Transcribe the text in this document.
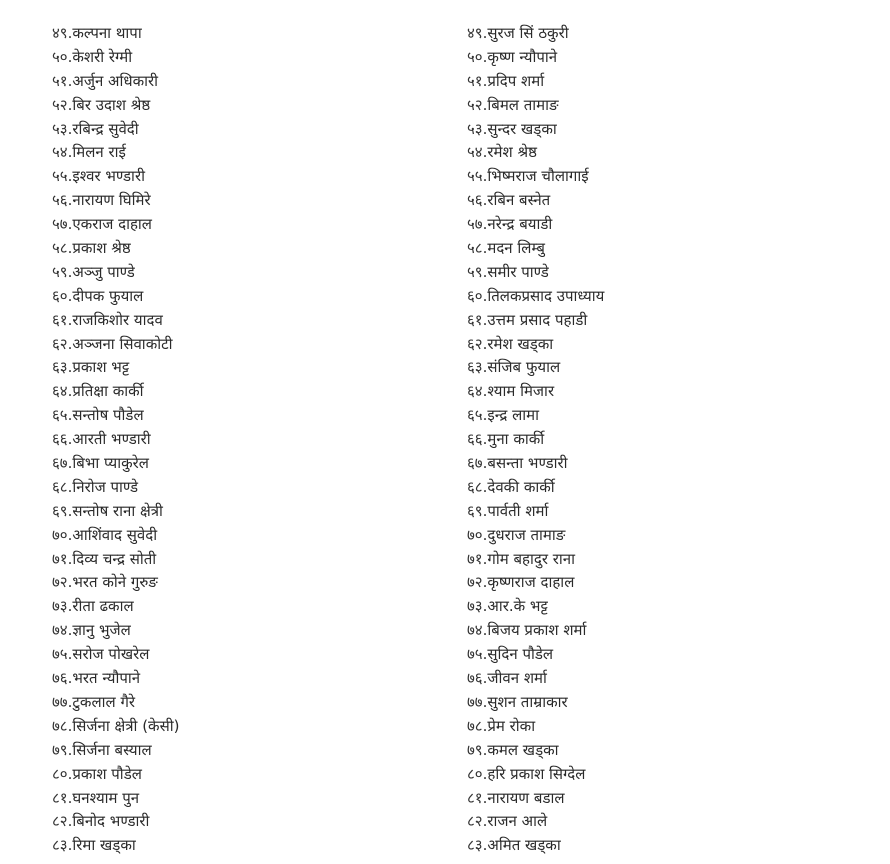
४९.कल्पना थापा
५०.केशरी रेग्मी
५१.अर्जुन अधिकारी
५२.बिर उदाश श्रेष्ठ
५३.रबिन्द्र सुवेदी
५४.मिलन राई
५५.इश्वर भण्डारी
५६.नारायण घिमिरे
५७.एकराज दाहाल
५८.प्रकाश श्रेष्ठ
५९.अञ्जु पाण्डे
६०.दीपक फुयाल
६१.राजकिशोर यादव
६२.अञ्जना सिवाकोटी
६३.प्रकाश भट्ट
६४.प्रतिक्षा कार्की
६५.सन्तोष पौडेल
६६.आरती भण्डारी
६७.बिभा प्याकुरेल
६८.निरोज पाण्डे
६९.सन्तोष राना क्षेत्री
७०.आशिंवाद सुवेदी
७१.दिव्य चन्द्र सोती
७२.भरत कोने गुरुङ
७३.रीता ढकाल
७४.ज्ञानु भुजेल
७५.सरोज पोखरेल
७६.भरत न्यौपाने
७७.टुकलाल गैरे
७८.सिर्जना क्षेत्री (केसी)
७९.सिर्जना बस्याल
८०.प्रकाश पौडेल
८१.घनश्याम पुन
८२.बिनोद भण्डारी
८३.रिमा खड्का
४९.सुरज सिं ठकुरी
५०.कृष्ण न्यौपाने
५१.प्रदिप शर्मा
५२.बिमल तामाङ
५३.सुन्दर खड्का
५४.रमेश श्रेष्ठ
५५.भिष्मराज चौलागाई
५६.रबिन बस्नेत
५७.नरेन्द्र बयाडी
५८.मदन लिम्बु
५९.समीर पाण्डे
६०.तिलकप्रसाद उपाध्याय
६१.उत्तम प्रसाद पहाडी
६२.रमेश खड्का
६३.संजिब फुयाल
६४.श्याम मिजार
६५.इन्द्र लामा
६६.मुना कार्की
६७.बसन्ता भण्डारी
६८.देवकी कार्की
६९.पार्वती शर्मा
७०.दुधराज तामाङ
७१.गोम बहादुर राना
७२.कृष्णराज दाहाल
७३.आर.के भट्ट
७४.बिजय प्रकाश शर्मा
७५.सुदिन पौडेल
७६.जीवन शर्मा
७७.सुशन ताम्राकार
७८.प्रेम रोका
७९.कमल खड्का
८०.हरि प्रकाश सिग्देल
८१.नारायण बडाल
८२.राजन आले
८३.अमित खड्का
